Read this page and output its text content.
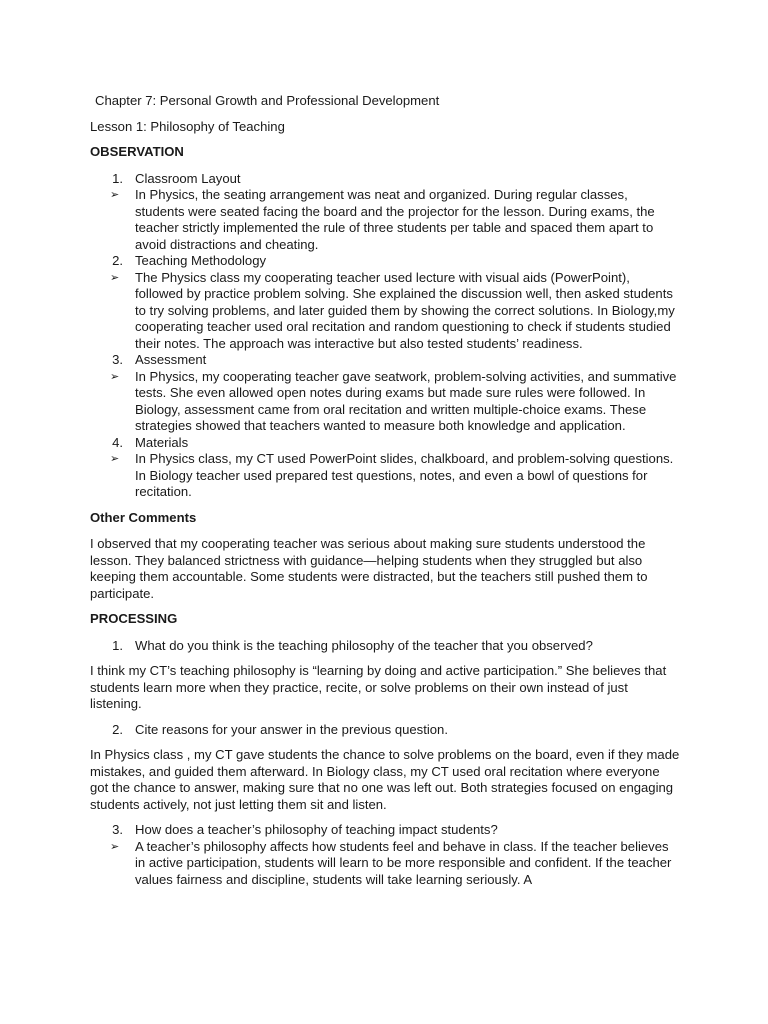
Chapter 7: Personal Growth and Professional Development
Lesson 1: Philosophy of Teaching
OBSERVATION
1. Classroom Layout
➢	In Physics, the seating arrangement was neat and organized. During regular classes, students were seated facing the board and the projector for the lesson. During exams, the teacher strictly implemented the rule of three students per table and spaced them apart to avoid distractions and cheating.
2. Teaching Methodology
➢	The Physics class my cooperating teacher used lecture with visual aids (PowerPoint), followed by practice problem solving. She explained the discussion well, then asked students to try solving problems, and later guided them by showing the correct solutions. In Biology,my cooperating teacher used oral recitation and random questioning to check if students studied their notes. The approach was interactive but also tested students’ readiness.
3. Assessment
➢	In Physics, my cooperating teacher gave seatwork, problem-solving activities, and summative tests. She even allowed open notes during exams but made sure rules were followed. In Biology, assessment came from oral recitation and written multiple-choice exams. These strategies showed that teachers wanted to measure both knowledge and application.
4. Materials
➢	In Physics class, my CT used PowerPoint slides, chalkboard, and problem-solving questions. In Biology teacher used prepared test questions, notes, and even a bowl of questions for recitation.
Other Comments
I observed that my cooperating teacher was serious about making sure students understood the lesson. They balanced strictness with guidance—helping students when they struggled but also keeping them accountable. Some students were distracted, but the teachers still pushed them to participate.
PROCESSING
1. What do you think is the teaching philosophy of the teacher that you observed?
I think my CT’s teaching philosophy is “learning by doing and active participation.” She believes that students learn more when they practice, recite, or solve problems on their own instead of just listening.
2. Cite reasons for your answer in the previous question.
In Physics class , my CT gave students the chance to solve problems on the board, even if they made mistakes, and guided them afterward. In Biology class, my CT used oral recitation where everyone got the chance to answer, making sure that no one was left out. Both strategies focused on engaging students actively, not just letting them sit and listen.
3. How does a teacher’s philosophy of teaching impact students?
➢	A teacher’s philosophy affects how students feel and behave in class. If the teacher believes in active participation, students will learn to be more responsible and confident. If the teacher values fairness and discipline, students will take learning seriously. A
